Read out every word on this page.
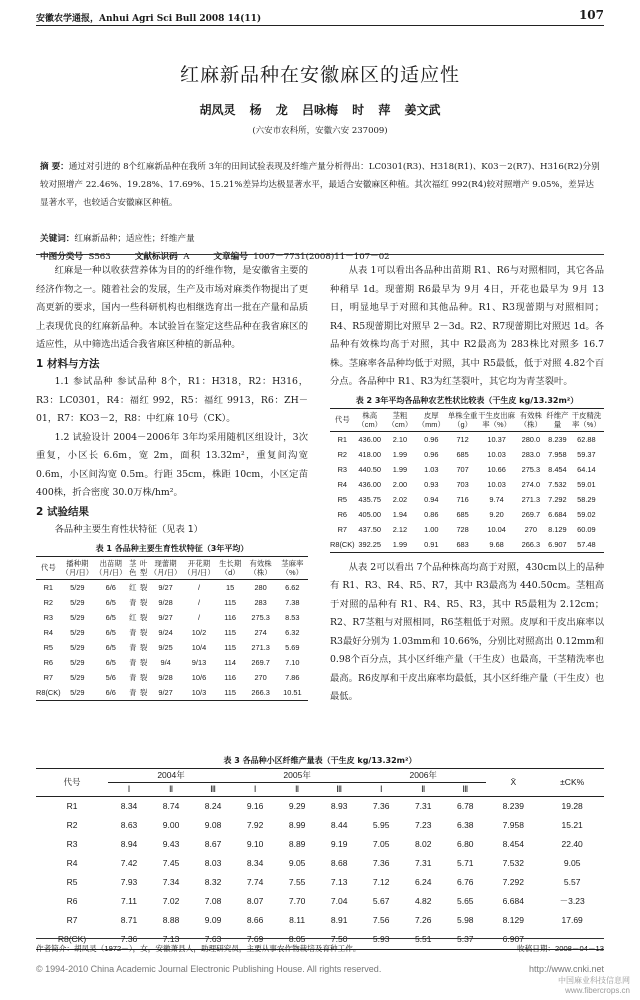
安徽农学通报，Anhui Agri Sci Bull 2008 14(11)	107
红麻新品种在安徽麻区的适应性
胡凤灵 杨 龙 吕咏梅 时 萍 姜文武
(六安市农科所，安徽六安 237009)
摘 要：通过对引进的 8个红麻新品种在我所 3年的田间试验表现及纤维产量分析得出：LC0301(R3)、H318(R1)、K03－2(R7)、H316(R2)分别较对照增产 22.46%、19.28%、17.69%、15.21%差异均达极显著水平，最适合安徽麻区种植。其次福红 992(R4)较对照增产 9.05%，差异达显著水平，也较适合安徽麻区种植。
关键词：红麻新品种；适应性；纤维产量
中图分类号 S563	文献标识码 A	文章编号 1007－7731(2008)11－107－02

红麻是一种以收获营养体为目的的纤维作物，是安徽省主要的经济作物之一。随着社会的发展，生产及市场对麻类作物提出了更高更新的要求，国内一些科研机构也相继选育出一批在产量和品质上表现优良的红麻新品种。本试验旨在鉴定这些品种在我省麻区的适应性，从中筛选出适合我省麻区种植的新品种。

1 材料与方法

1.1 参试品种 参试品种 8个，R1：H318，R2：H316，R3：LC0301，R4：福红 992，R5：福红 9913，R6：ZH－01，R7：KO3－2，R8：中红麻 10号（CK）。

1.2 试验设计 2004－2006年 3年均采用随机区组设计，3次重复，小区长 6.6m，宽 2m，面积 13.32m²，重复间沟宽 0.6m，小区间沟宽 0.5m。行距 35cm，株距 10cm，小区定苗 400株，折合密度 30.0万株/hm²。

2 试验结果

各品种主要生育性状特征（见表 1）

表 1 各品种主要生育性状特征（3年平均）

代号	播种期（月/日）	出苗期（月/日）	茎色	叶型	现蕾期（月/日）	开花期（月/日）	生长期（d）	有效株（株）	茎麻率（%）
R1	5/29	6/6	红	裂	9/27	/	15	280	6.62
R2	5/29	6/5	青	裂	9/28	/	115	283	7.38
R3	5/29	6/5	红	裂	9/27	/	116	275.3	8.53
R4	5/29	6/5	青	裂	9/24	10/2	115	274	6.32
R5	5/29	6/5	青	裂	9/25	10/4	115	271.3	5.69
R6	5/29	6/5	青	裂	9/4	9/13	114	269.7	7.10
R7	5/29	5/6	青	裂	9/28	10/6	116	270	7.86
R8(CK)	5/29	6/6	青	裂	9/27	10/3	115	266.3	10.51

从表 1可以看出各品种出苗期 R1、R6与对照相同，其它各品种稍早 1d。现蕾期 R6最早为 9月 4日，开花也最早为 9月 13日，明显地早于对照和其他品种。R1、R3现蕾期与对照相同；R4、R5现蕾期比对照早 2－3d。R2、R7现蕾期比对照迟 1d。各品种有效株均高于对照，其中 R2最高为 283株比对照多 16.7株。茎麻率各品种均低于对照，其中 R5最低，低于对照 4.82个百分点。各品种中 R1、R3为红茎裂叶，其它均为青茎裂叶。

表 2 3年平均各品种农艺性状比较表（干生皮 kg/13.32m²）

代号	株高（cm）	茎粗（cm）	皮厚（mm）	单株全重（g）	干生皮出麻率（%）	有效株（株）	纤维产量	干皮精洗率（%）
R1	436.00	2.10	0.96	712	10.37	280.0	8.239	62.88
R2	418.00	1.99	0.96	685	10.03	283.0	7.958	59.37
R3	440.50	1.99	1.03	707	10.66	275.3	8.454	64.14
R4	436.00	2.00	0.93	703	10.03	274.0	7.532	59.01
R5	435.75	2.02	0.94	716	9.74	271.3	7.292	58.29
R6	405.00	1.94	0.86	685	9.20	269.7	6.684	59.02
R7	437.50	2.12	1.00	728	10.04	270	8.129	60.09
R8(CK)	392.25	1.99	0.91	683	9.68	266.3	6.907	57.48

从表 2可以看出 7个品种株高均高于对照，430cm以上的品种有 R1、R3、R4、R5、R7，其中 R3最高为 440.50cm。茎粗高于对照的品种有 R1、R4、R5、R3，其中 R5最粗为 2.12cm；R2、R7茎粗与对照相同，R6茎粗低于对照。皮厚和干皮出麻率以 R3最好分别为 1.03mm和 10.66%，分别比对照高出 0.12mm和 0.98个百分点，其小区纤维产量（干生皮）也最高，干茎精洗率也最高。R6皮厚和干皮出麻率均最低，其小区纤维产量（干生皮）也最低。

表 3 各品种小区纤维产量表（干生皮 kg/13.32m²）

代号	2004年			2005年			2006年			X̄	±CK%
	Ⅰ	Ⅱ	Ⅲ	Ⅰ	Ⅱ	Ⅲ	Ⅰ	Ⅱ	Ⅲ		
R1	8.34	8.74	8.24	9.16	9.29	8.93	7.36	7.31	6.78	8.239	19.28
R2	8.63	9.00	9.08	7.92	8.99	8.44	5.95	7.23	6.38	7.958	15.21
R3	8.94	9.43	8.67	9.10	8.89	9.19	7.05	8.02	6.80	8.454	22.40
R4	7.42	7.45	8.03	8.34	9.05	8.68	7.36	7.31	5.71	7.532	9.05
R5	7.93	7.34	8.32	7.74	7.55	7.13	7.12	6.24	6.76	7.292	5.57
R6	7.11	7.02	7.08	8.07	7.70	7.04	5.67	4.82	5.65	6.684	－3.23
R7	8.71	8.88	9.09	8.66	8.11	8.91	7.56	7.26	5.98	8.129	17.69
R8(CK)	7.36	7.13	7.63	7.69	8.05	7.50	5.93	5.51	5.37	6.907	
作者简介：胡凤灵（1972－），女，安徽萧县人，助理研究员，主要从事农作物栽培及育种工作。	收稿日期：2008－04－13
© 1994-2010 China Academic Journal Electronic Publishing House. All rights reserved.	http://www.cnki.net
中国麻业科技信息网
www.fibercrops.cn
